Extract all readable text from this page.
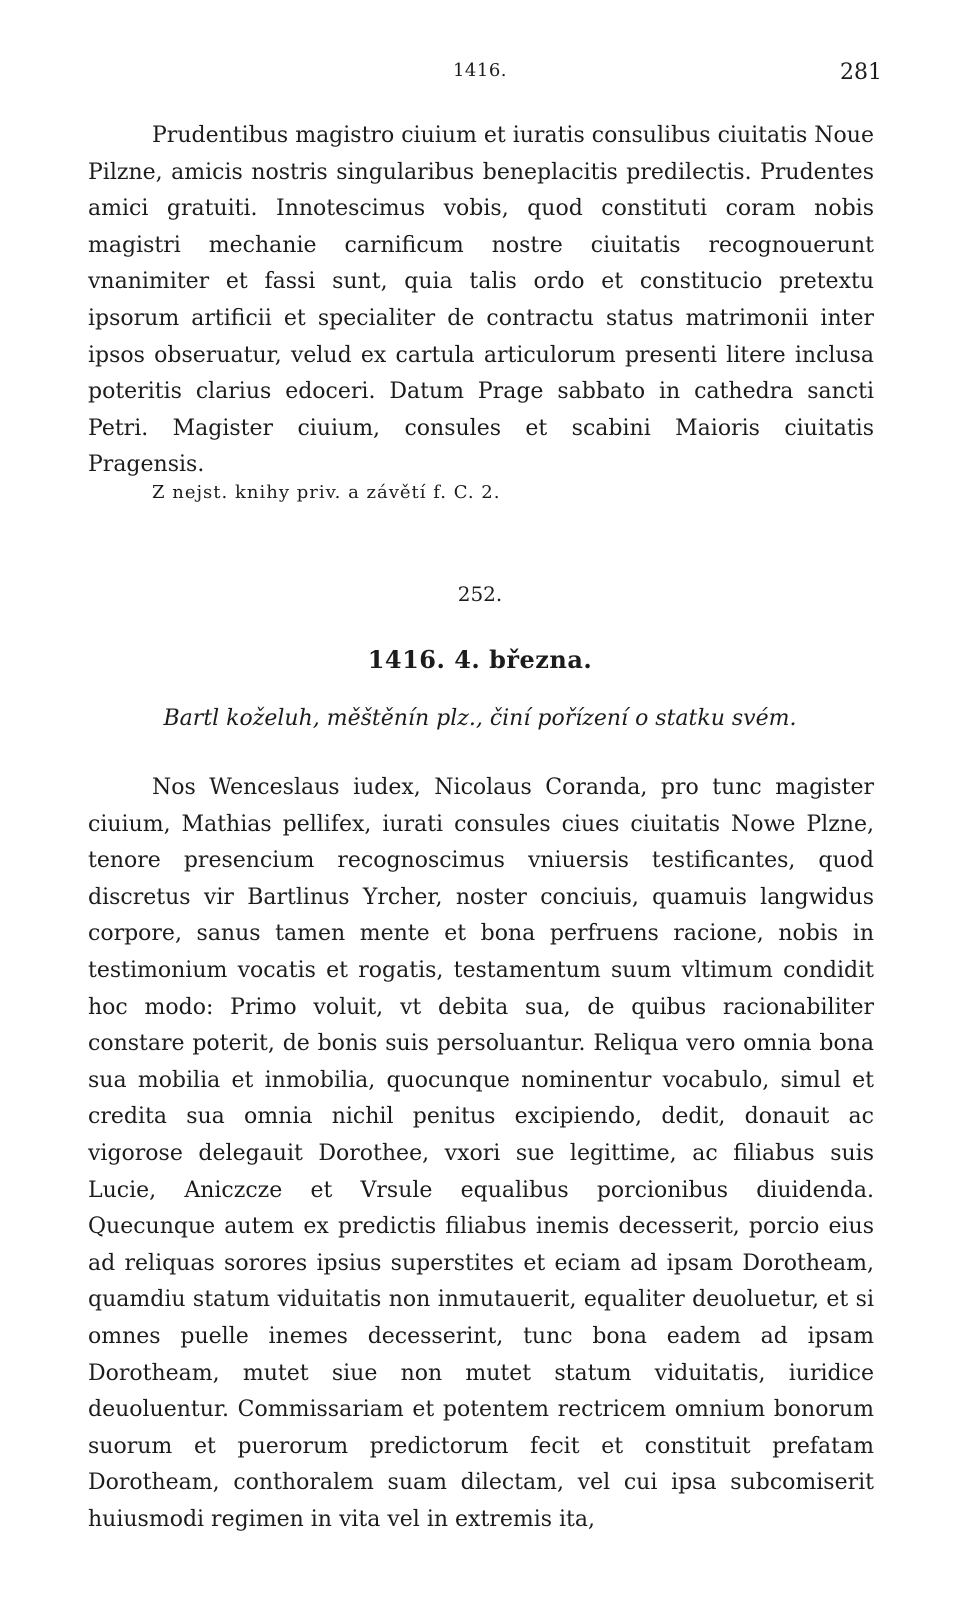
1416.	281

Prudentibus magistro ciuium et iuratis consulibus ciuitatis Noue Pilzne, amicis nostris singularibus beneplacitis predilectis. Prudentes amici gratuiti. Innotescimus vobis, quod constituti coram nobis magistri mechanie carnificum nostre ciuitatis recognouerunt vnanimiter et fassi sunt, quia talis ordo et constitucio pretextu ipsorum artificii et specialiter de contractu status matrimonii inter ipsos obseruatur, velud ex cartula articulorum presenti litere inclusa poteritis clarius edoceri. Datum Prage sabbato in cathedra sancti Petri. Magister ciuium, consules et scabini Maioris ciuitatis Pragensis.

Z nejst. knihy priv. a závětí f. C. 2.
252.
1416. 4. března.
Bartl koželuh, měštěnín plz., činí pořízení o statku svém.

Nos Wenceslaus iudex, Nicolaus Coranda, pro tunc magister ciuium, Mathias pellifex, iurati consules ciues ciuitatis Nowe Plzne, tenore presencium recognoscimus vniuersis testificantes, quod discretus vir Bartlinus Yrcher, noster conciuis, quamuis langwidus corpore, sanus tamen mente et bona perfruens racione, nobis in testimonium vocatis et rogatis, testamentum suum vltimum condidit hoc modo: Primo voluit, vt debita sua, de quibus racionabiliter constare poterit, de bonis suis persoluantur. Reliqua vero omnia bona sua mobilia et inmobilia, quocunque nominentur vocabulo, simul et credita sua omnia nichil penitus excipiendo, dedit, donauit ac vigorose delegauit Dorothee, vxori sue legittime, ac filiabus suis Lucie, Aniczcze et Vrsule equalibus porcionibus diuidenda. Quecunque autem ex predictis filiabus inemis decesserit, porcio eius ad reliquas sorores ipsius superstites et eciam ad ipsam Dorotheam, quamdiu statum viduitatis non inmutauerit, equaliter deuoluetur, et si omnes puelle inemes decesserint, tunc bona eadem ad ipsam Dorotheam, mutet siue non mutet statum viduitatis, iuridice deuoluentur. Commissariam et potentem rectricem omnium bonorum suorum et puerorum predictorum fecit et constituit prefatam Dorotheam, conthoralem suam dilectam, vel cui ipsa subcomiserit huiusmodi regimen in vita vel in extremis ita,
